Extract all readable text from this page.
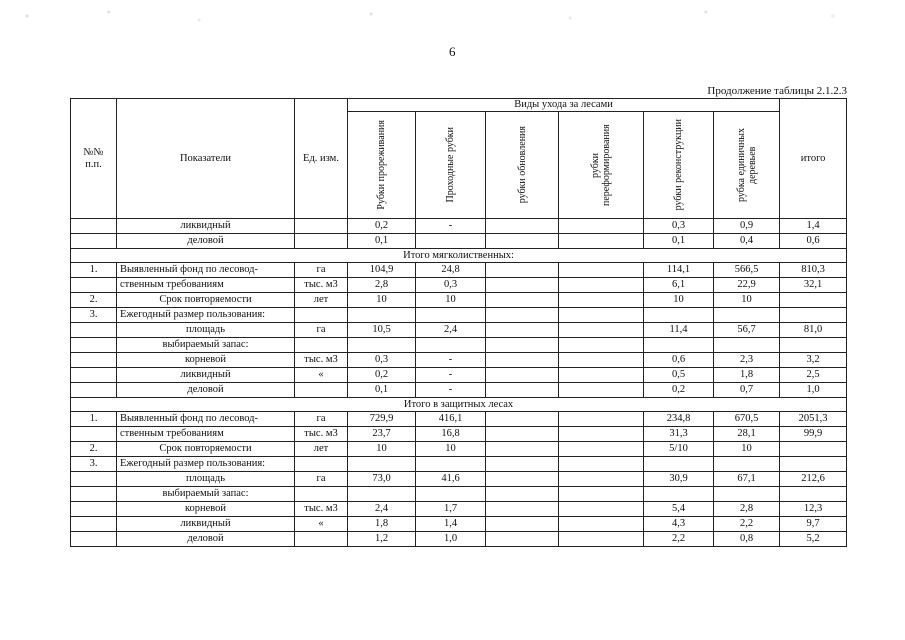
6
Продолжение таблицы 2.1.2.3
№№ п.п.	Показатели	Ед. изм.	Виды ухода за лесами						итого

			Рубки прореживания	Проходные рубки	рубки обновления	рубки переформирования	рубки реконструкции	рубка единичных деревьев	

	ликвидный		0,2	-			0,3	0,9	1,4
	деловой		0,1				0,1	0,4	0,6
Итого мягколиственных:									
1.	Выявленный фонд по лесовод-	га	104,9	24,8			114,1	566,5	810,3
	ственным требованиям	тыс. м3	2,8	0,3			6,1	22,9	32,1
2.	Срок повторяемости	лет	10	10			10	10	
3.	Ежегодный размер пользования:								
	площадь	га	10,5	2,4			11,4	56,7	81,0
	выбираемый запас:								
	корневой	тыс. м3	0,3	-			0,6	2,3	3,2
	ликвидный	«	0,2	-			0,5	1,8	2,5
	деловой		0,1	-			0,2	0,7	1,0
Итого в защитных лесах									
1.	Выявленный фонд по лесовод-	га	729,9	416,1			234,8	670,5	2051,3
	ственным требованиям	тыс. м3	23,7	16,8			31,3	28,1	99,9
2.	Срок повторяемости	лет	10	10			5/10	10	
3.	Ежегодный размер пользования:								
	площадь	га	73,0	41,6			30,9	67,1	212,6
	выбираемый запас:								
	корневой	тыс. м3	2,4	1,7			5,4	2,8	12,3
	ликвидный	«	1,8	1,4			4,3	2,2	9,7
	деловой		1,2	1,0			2,2	0,8	5,2
